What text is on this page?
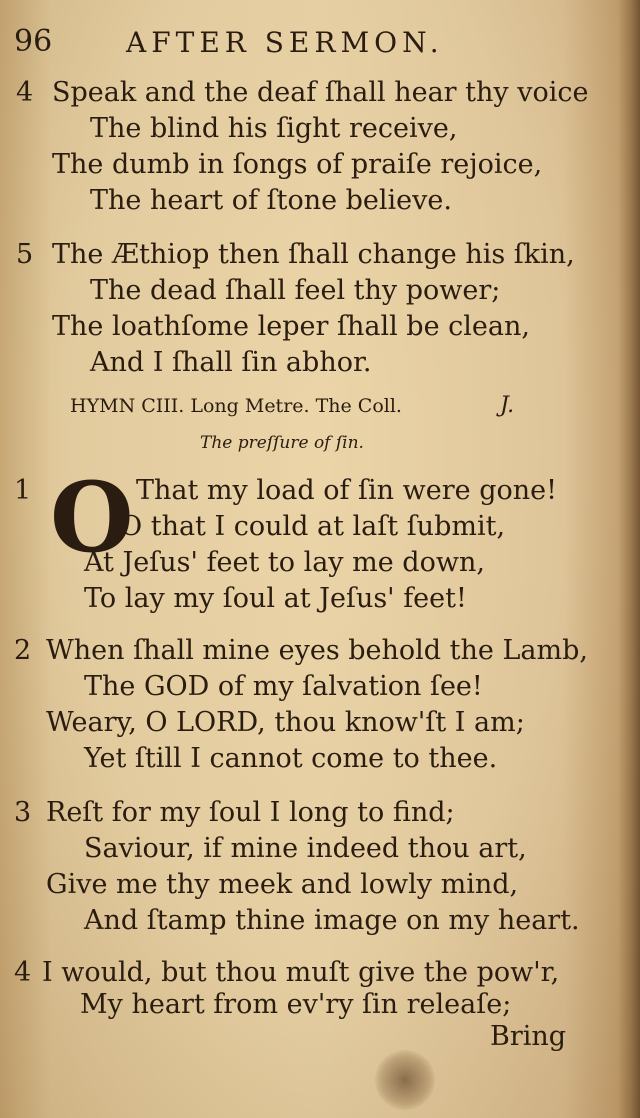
96	AFTER SERMON.
4 Speak and the deaf ſhall hear thy voice
The blind his ſight receive,
The dumb in ſongs of praiſe rejoice,
The heart of ſtone believe.
5 The Æthiop then ſhall change his ſkin,
The dead ſhall feel thy power;
The loathſome leper ſhall be clean,
And I ſhall ſin abhor.
HYMN CIII. Long Metre. The Coll.	J.
The preſſure of ſin.
1 O That my load of ſin were gone!
O that I could at laſt ſubmit,
At Jeſus' feet to lay me down,
To lay my ſoul at Jeſus' feet!
2 When ſhall mine eyes behold the Lamb,
The GOD of my ſalvation ſee!
Weary, O LORD, thou know'ſt I am;
Yet ſtill I cannot come to thee.
3 Reſt for my ſoul I long to find;
Saviour, if mine indeed thou art,
Give me thy meek and lowly mind,
And ſtamp thine image on my heart.
4 I would, but thou muſt give the pow'r,
My heart from ev'ry ſin releaſe;
Bring
